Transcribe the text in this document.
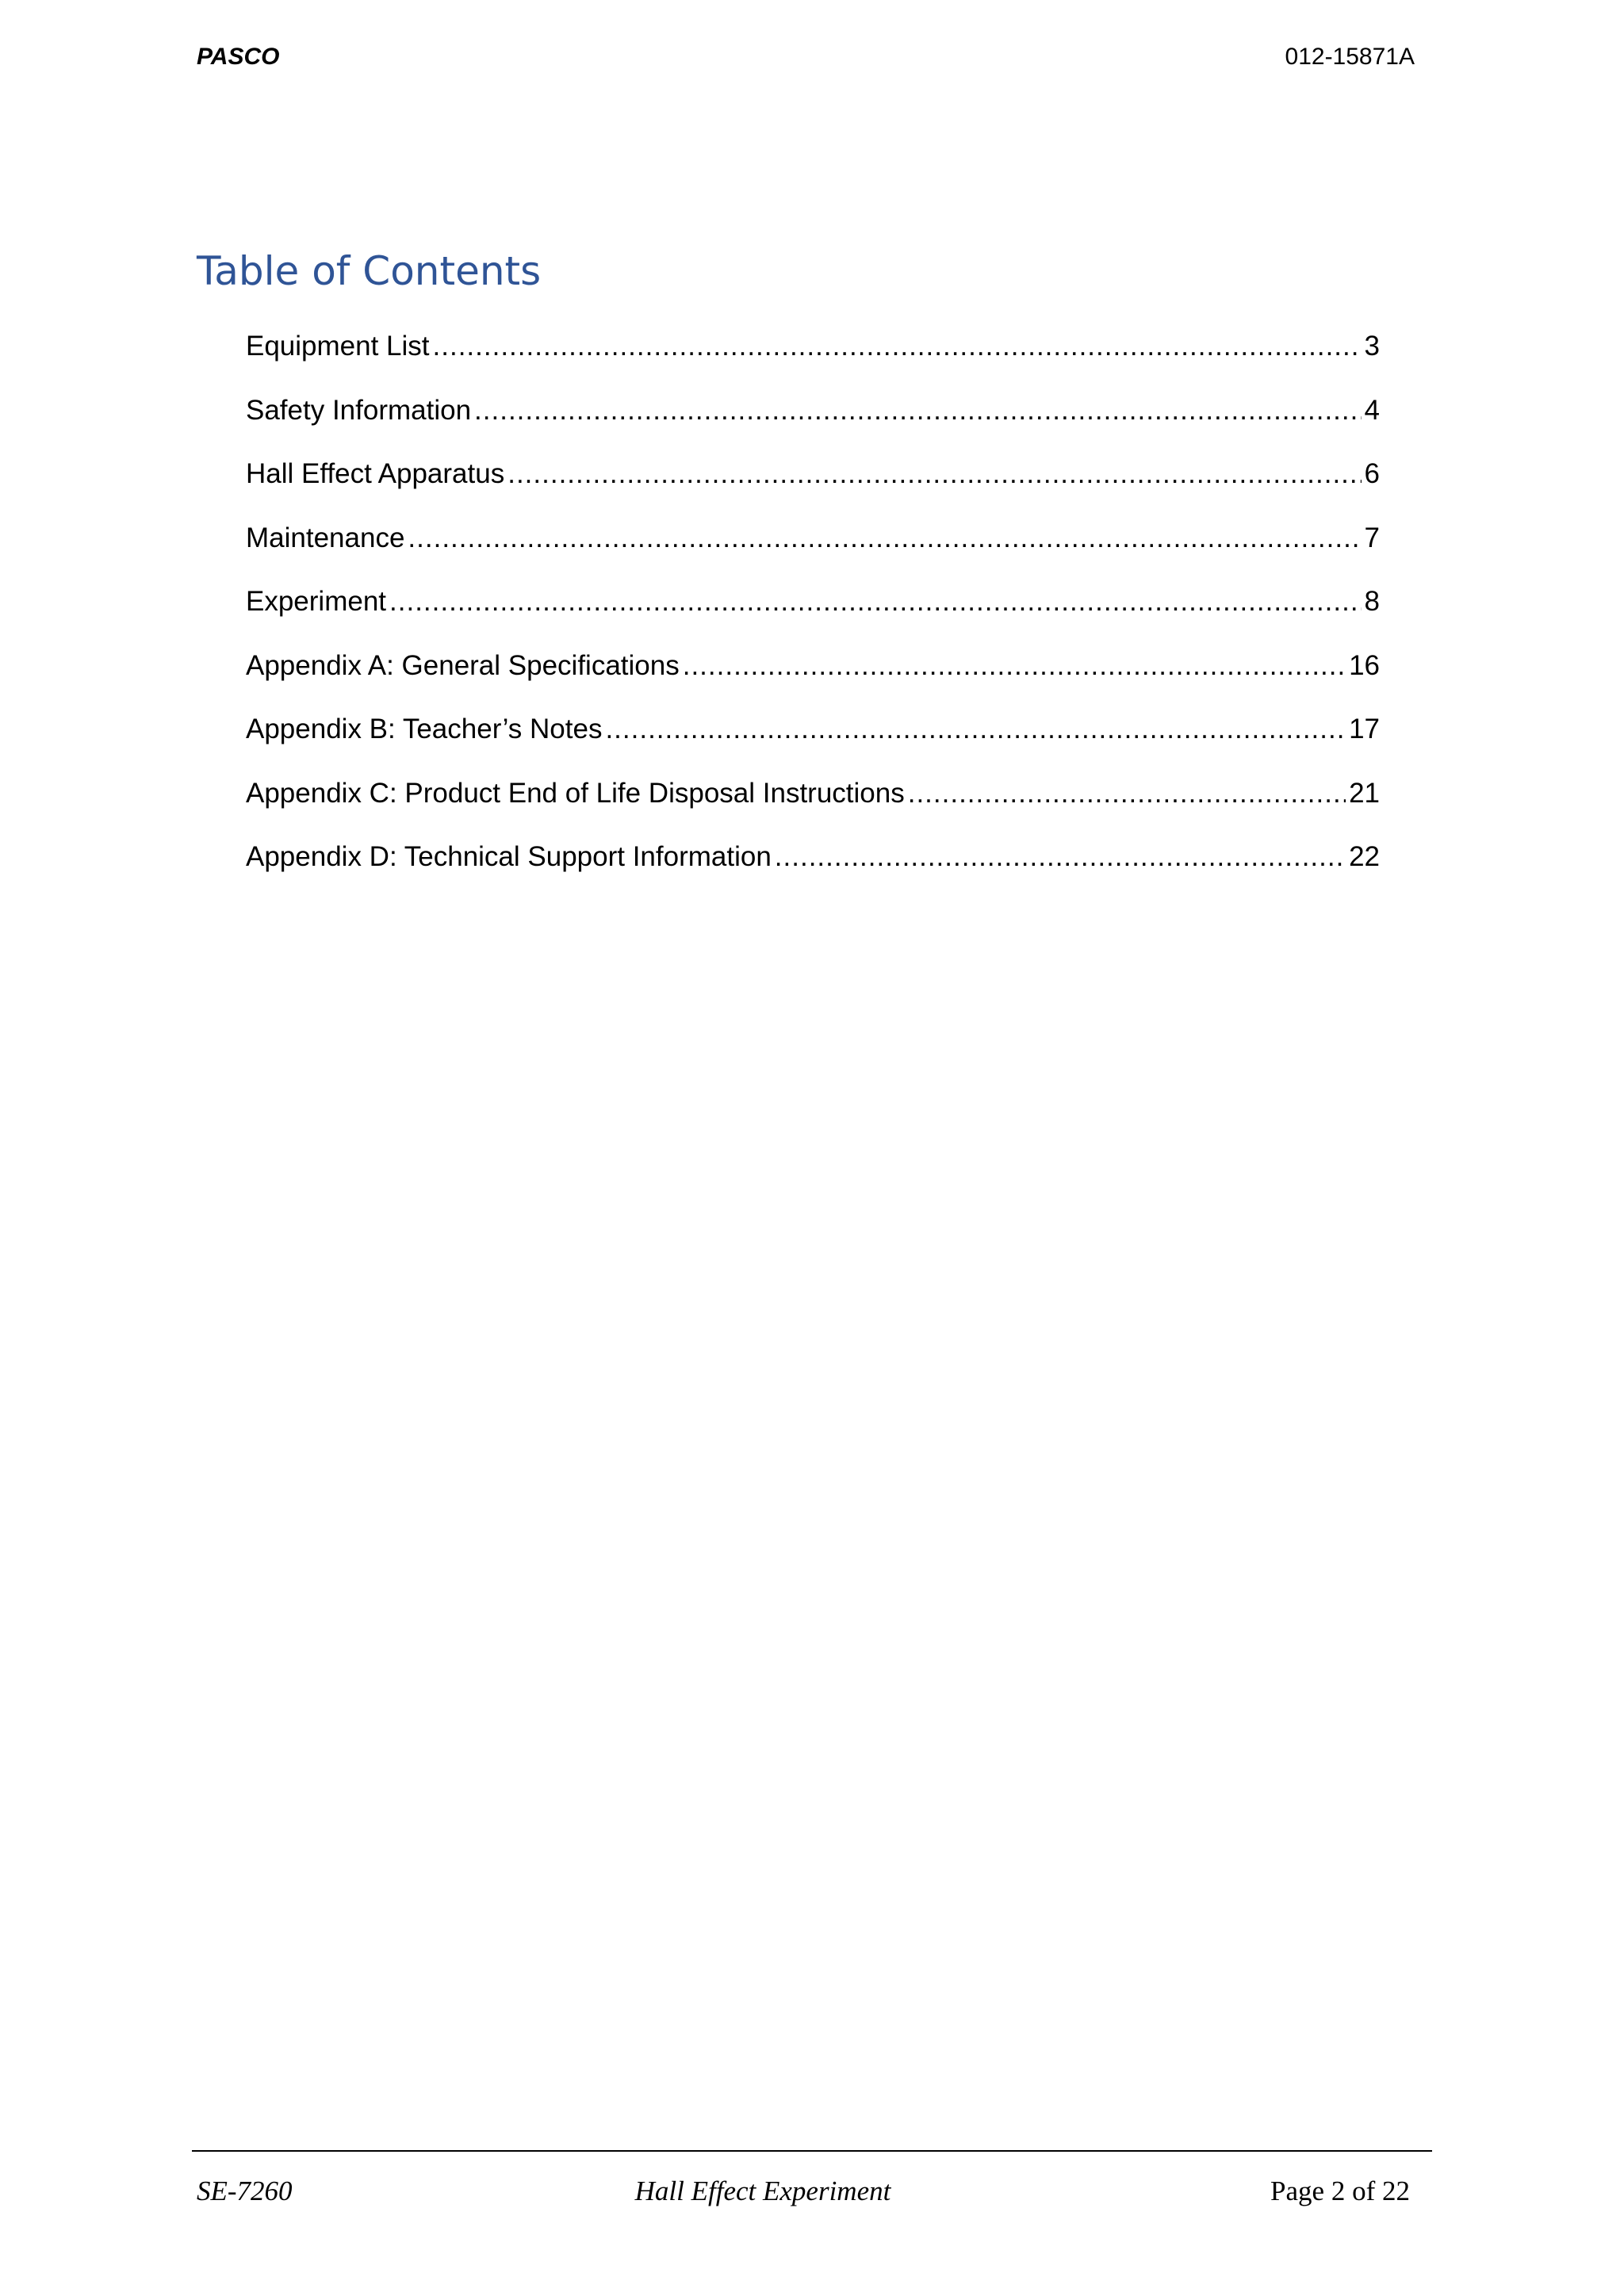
PASCO	012-15871A
Table of Contents
Equipment List .....	3
Safety Information .....	4
Hall Effect Apparatus .....	6
Maintenance .....	7
Experiment .....	8
Appendix A: General Specifications .....	16
Appendix B: Teacher’s Notes .....	17
Appendix C: Product End of Life Disposal Instructions .....	21
Appendix D: Technical Support Information .....	22
SE-7260	Hall Effect Experiment	Page 2 of 22
